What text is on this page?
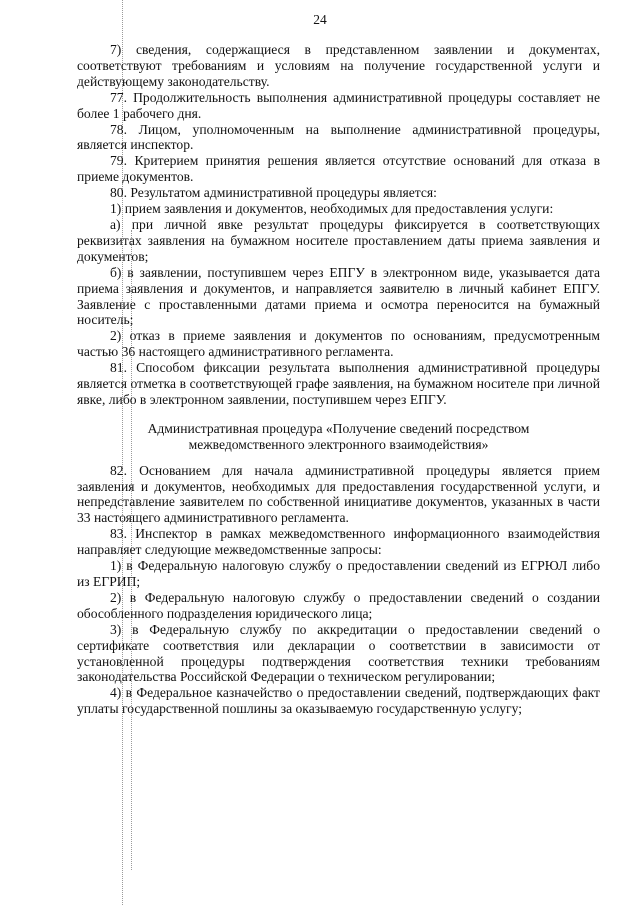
24

7) сведения, содержащиеся в представленном заявлении и документах, соответствуют требованиям и условиям на получение государственной услуги и действующему законодательству.

77. Продолжительность выполнения административной процедуры составляет не более 1 рабочего дня.

78. Лицом, уполномоченным на выполнение административной процедуры, является инспектор.

79. Критерием принятия решения является отсутствие оснований для отказа в приеме документов.

80. Результатом административной процедуры является:

1) прием заявления и документов, необходимых для предоставления услуги:

а) при личной явке результат процедуры фиксируется в соответствующих реквизитах заявления на бумажном носителе проставлением даты приема заявления и документов;

б) в заявлении, поступившем через ЕПГУ в электронном виде, указывается дата приема заявления и документов, и направляется заявителю в личный кабинет ЕПГУ. Заявление с проставленными датами приема и осмотра переносится на бумажный носитель;

2) отказ в приеме заявления и документов по основаниям, предусмотренным частью 36 настоящего административного регламента.

81. Способом фиксации результата выполнения административной процедуры является отметка в соответствующей графе заявления, на бумажном носителе при личной явке, либо в электронном заявлении, поступившем через ЕПГУ.

Административная процедура «Получение сведений посредством
межведомственного электронного взаимодействия»

82. Основанием для начала административной процедуры является прием заявления и документов, необходимых для предоставления государственной услуги, и непредставление заявителем по собственной инициативе документов, указанных в части 33 настоящего административного регламента.

83. Инспектор в рамках межведомственного информационного взаимодействия направляет следующие межведомственные запросы:

1) в Федеральную налоговую службу о предоставлении сведений из ЕГРЮЛ либо из ЕГРИП;

2) в Федеральную налоговую службу о предоставлении сведений о создании обособленного подразделения юридического лица;

3) в Федеральную службу по аккредитации о предоставлении сведений о сертификате соответствия или декларации о соответствии в зависимости от установленной процедуры подтверждения соответствия техники требованиям законодательства Российской Федерации о техническом регулировании;

4) в Федеральное казначейство о предоставлении сведений, подтверждающих факт уплаты государственной пошлины за оказываемую государственную услугу;
